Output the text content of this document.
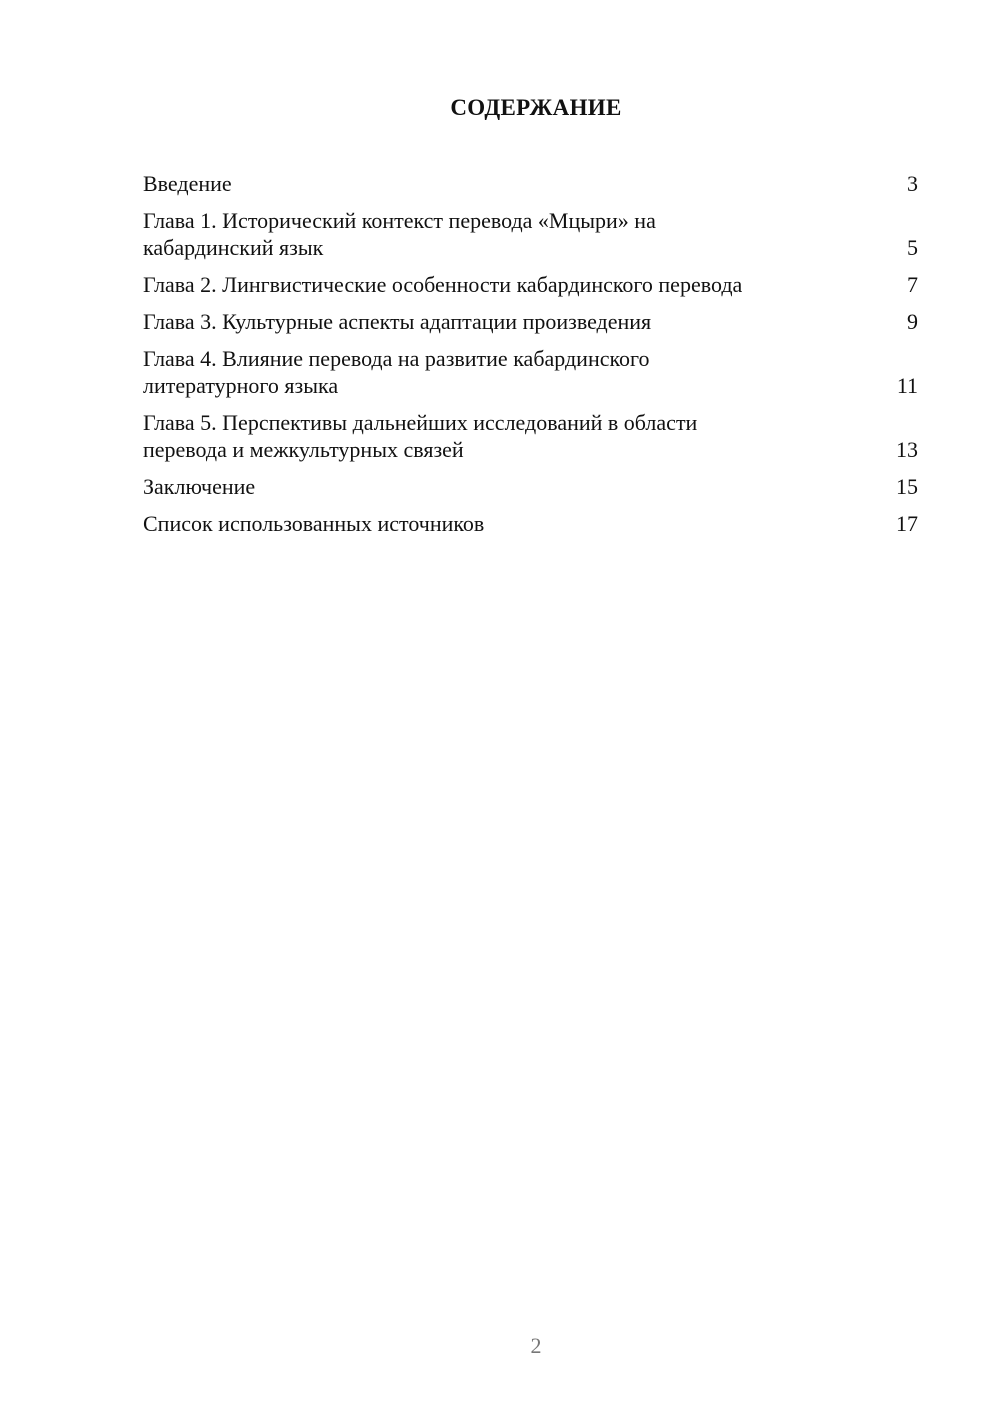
СОДЕРЖАНИЕ
Введение	3
Глава 1. Исторический контекст перевода «Мцыри» на кабардинский язык	5
Глава 2. Лингвистические особенности кабардинского перевода	7
Глава 3. Культурные аспекты адаптации произведения	9
Глава 4. Влияние перевода на развитие кабардинского литературного языка	11
Глава 5. Перспективы дальнейших исследований в области перевода и межкультурных связей	13
Заключение	15
Список использованных источников	17
2
